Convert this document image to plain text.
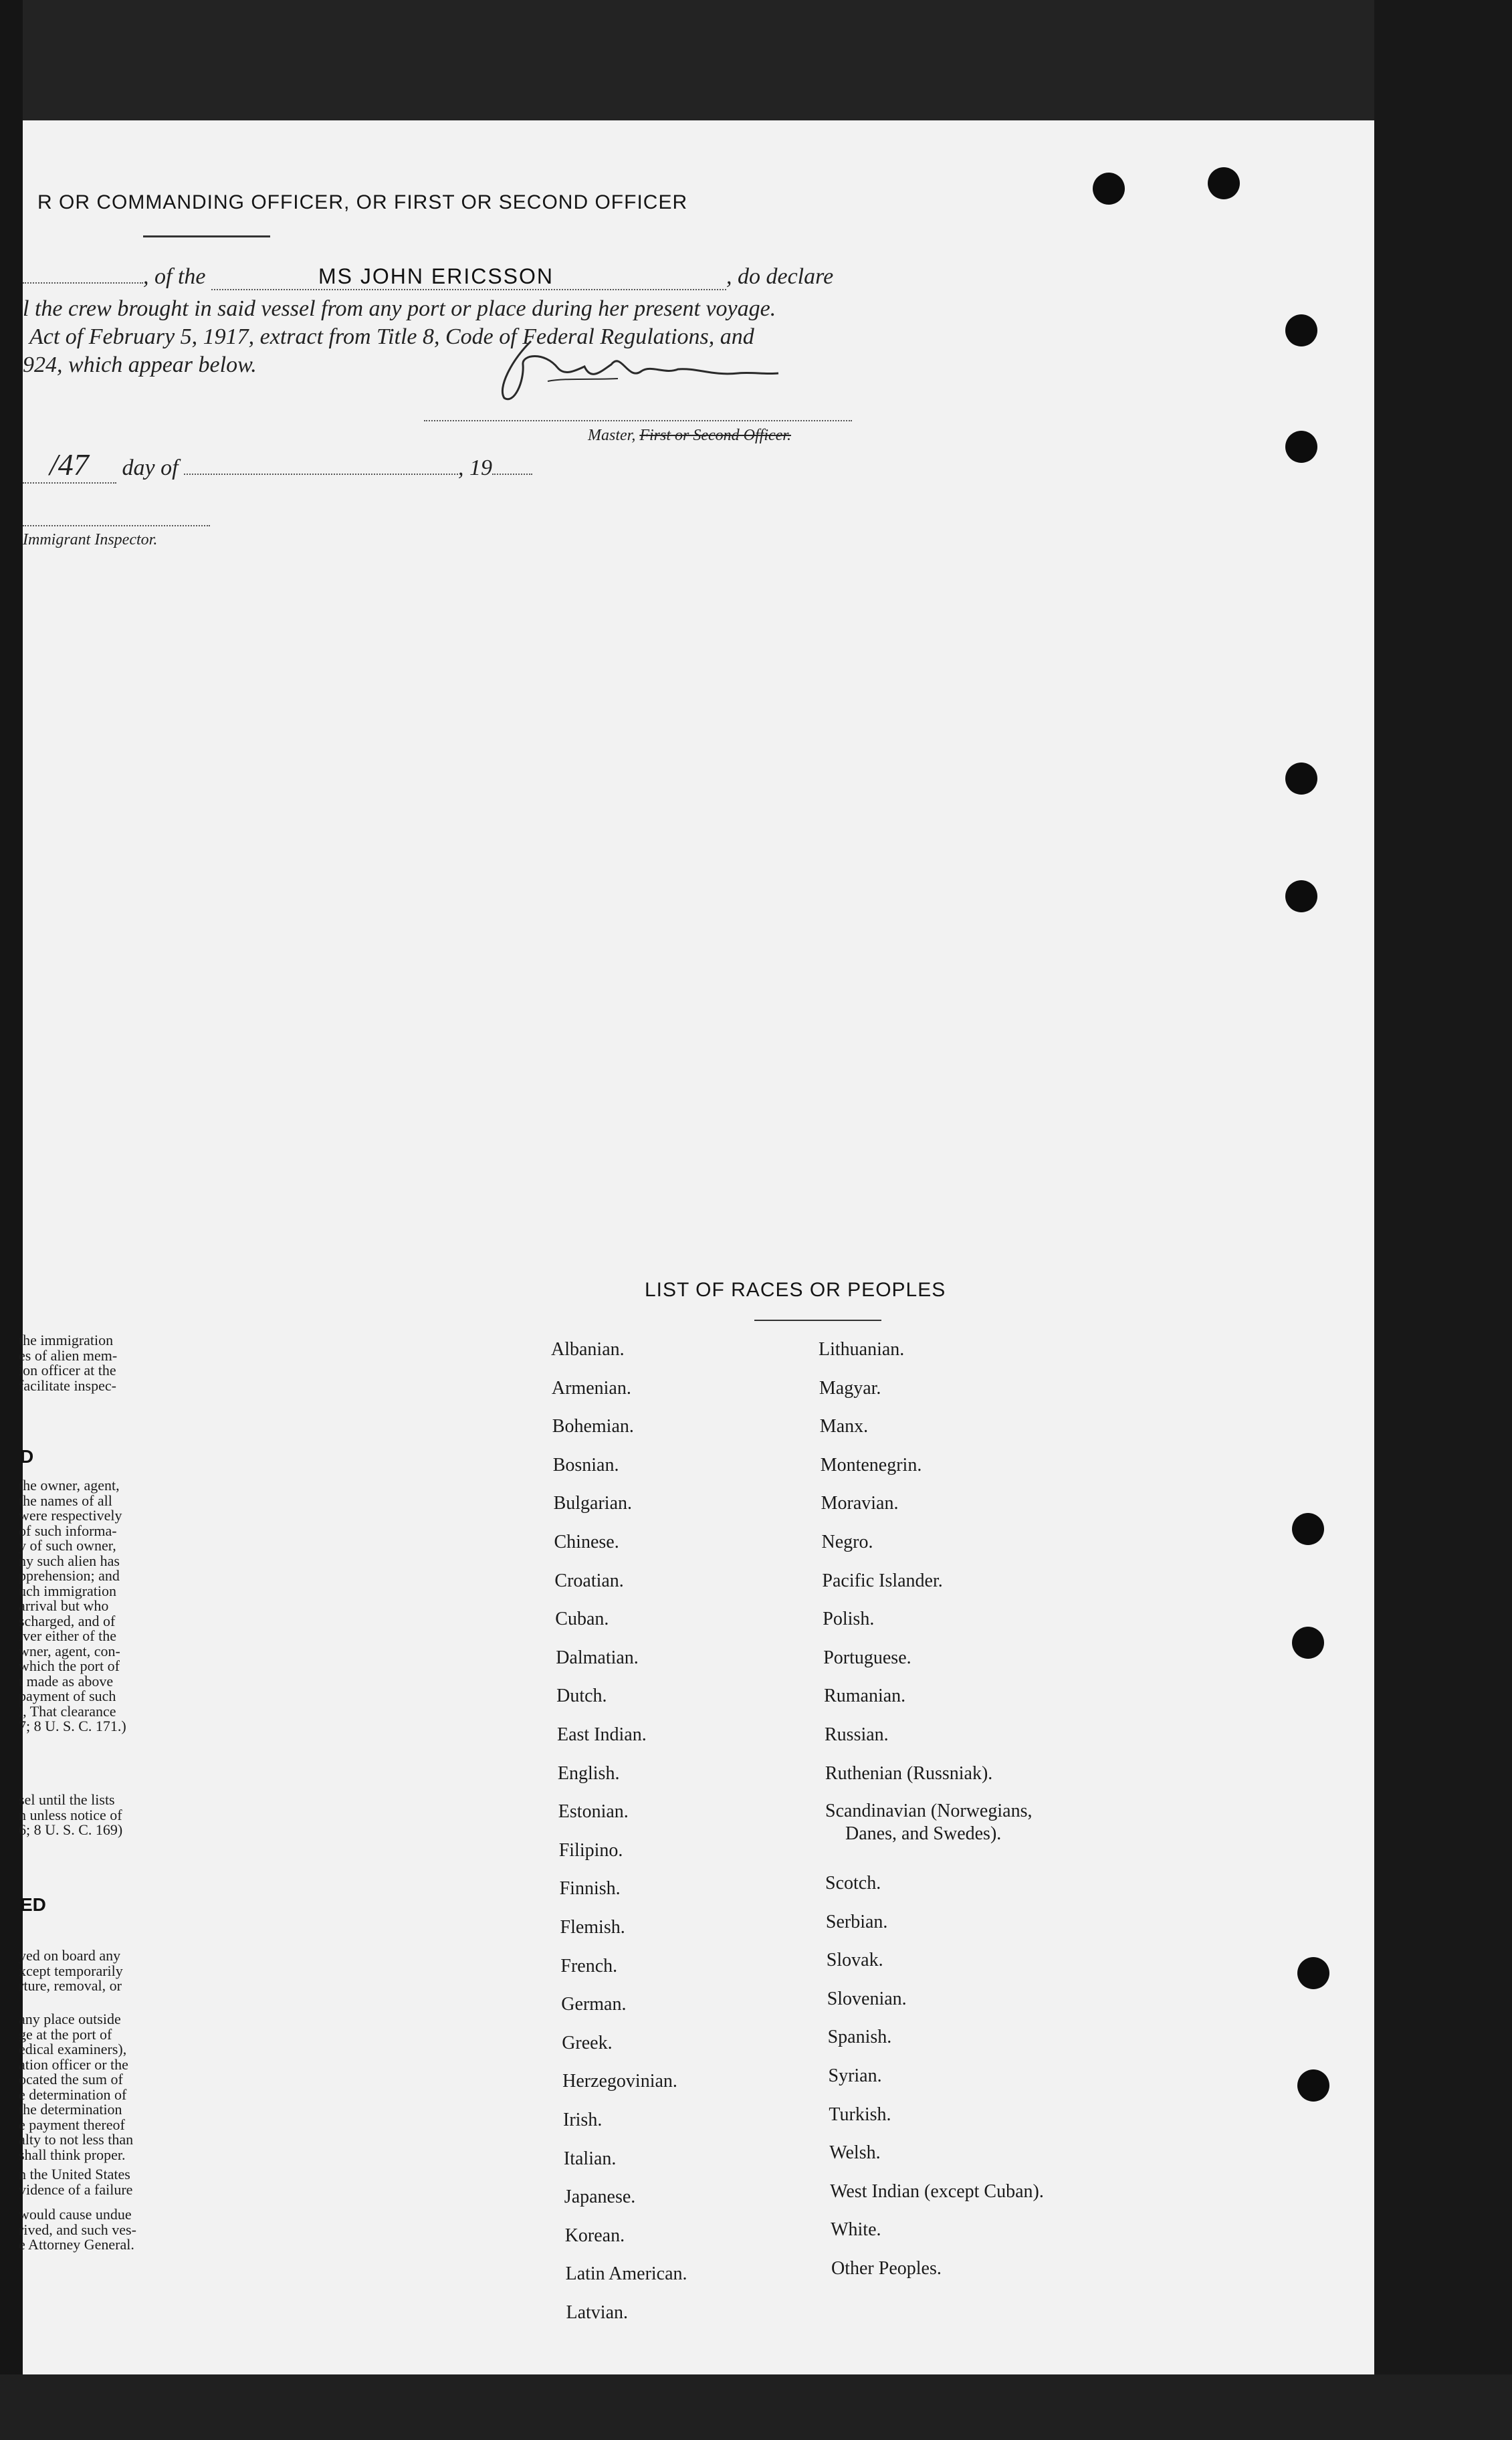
R OR COMMANDING OFFICER, OR FIRST OR SECOND OFFICER
, of the	MS JOHN ERICSSON	, do declare
l the crew brought in said vessel from any port or place during her present voyage.
Act of February 5, 1917, extract from Title 8, Code of Federal Regulations, and
924, which appear below.
Master, First or Second Officer.
/47 day of	, 19
Immigrant Inspector.
LIST OF RACES OR PEOPLES
Albanian.
Armenian.
Bohemian.
Bosnian.
Bulgarian.
Chinese.
Croatian.
Cuban.
Dalmatian.
Dutch.
East Indian.
English.
Estonian.
Filipino.
Finnish.
Flemish.
French.
German.
Greek.
Herzegovinian.
Irish.
Italian.
Japanese.
Korean.
Latin American.
Latvian.
Lithuanian.
Magyar.
Manx.
Montenegrin.
Moravian.
Negro.
Pacific Islander.
Polish.
Portuguese.
Rumanian.
Russian.
Ruthenian (Russniak).
Scandinavian (Norwegians,
Danes, and Swedes).
Scotch.
Serbian.
Slovak.
Slovenian.
Spanish.
Syrian.
Turkish.
Welsh.
West Indian (except Cuban).
White.
Other Peoples.
the immigration
es of alien mem-
ion officer at the
facilitate inspec-
the owner, agent,
the names of all
were respectively
of such informa-
y of such owner,
ny such alien has
pprehension; and
uch immigration
arrival but who
scharged, and of
iver either of the
wner, agent, con-
which the port of
t made as above
payment of such
l, That clearance
7; 8 U. S. C. 171.)
sel until the lists
n unless notice of
6; 8 U. S. C. 169)
yed on board any
xcept temporarily
rture, removal, or
any place outside
ge at the port of
edical examiners),
ation officer or the
ocated the sum of
e determination of
the determination
e payment thereof
alty to not less than
shall think proper.
n the United States
vidence of a failure
would cause undue
rived, and such ves-
e Attorney General.
D
ED
